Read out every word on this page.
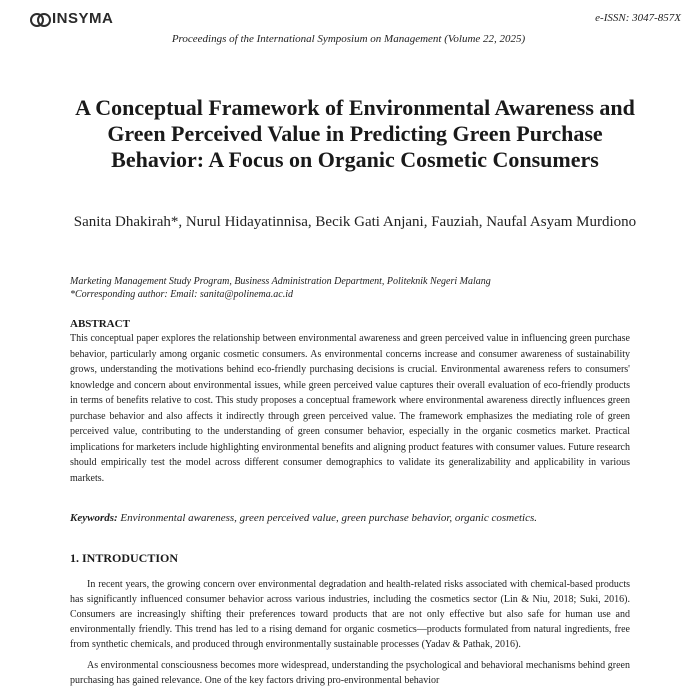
INSYMA	e-ISSN: 3047-857X
Proceedings of the International Symposium on Management (Volume 22, 2025)
A Conceptual Framework of Environmental Awareness and Green Perceived Value in Predicting Green Purchase Behavior: A Focus on Organic Cosmetic Consumers
Sanita Dhakirah*, Nurul Hidayatinnisa, Becik Gati Anjani, Fauziah, Naufal Asyam Murdiono
Marketing Management Study Program, Business Administration Department, Politeknik Negeri Malang
*Corresponding author: Email: sanita@polinema.ac.id
ABSTRACT
This conceptual paper explores the relationship between environmental awareness and green perceived value in influencing green purchase behavior, particularly among organic cosmetic consumers. As environmental concerns increase and consumer awareness of sustainability grows, understanding the motivations behind eco-friendly purchasing decisions is crucial. Environmental awareness refers to consumers' knowledge and concern about environmental issues, while green perceived value captures their overall evaluation of eco-friendly products in terms of benefits relative to cost. This study proposes a conceptual framework where environmental awareness directly influences green purchase behavior and also affects it indirectly through green perceived value. The framework emphasizes the mediating role of green perceived value, contributing to the understanding of green consumer behavior, especially in the organic cosmetics market. Practical implications for marketers include highlighting environmental benefits and aligning product features with consumer values. Future research should empirically test the model across different consumer demographics to validate its generalizability and applicability in various markets.
Keywords: Environmental awareness, green perceived value, green purchase behavior, organic cosmetics.
1. INTRODUCTION

In recent years, the growing concern over environmental degradation and health-related risks associated with chemical-based products has significantly influenced consumer behavior across various industries, including the cosmetics sector (Lin & Niu, 2018; Suki, 2016). Consumers are increasingly shifting their preferences toward products that are not only effective but also safe for human use and environmentally friendly. This trend has led to a rising demand for organic cosmetics—products formulated from natural ingredients, free from synthetic chemicals, and produced through environmentally sustainable processes (Yadav & Pathak, 2016).

As environmental consciousness becomes more widespread, understanding the psychological and behavioral mechanisms behind green purchasing has gained relevance. One of the key factors driving pro-environmental behavior
